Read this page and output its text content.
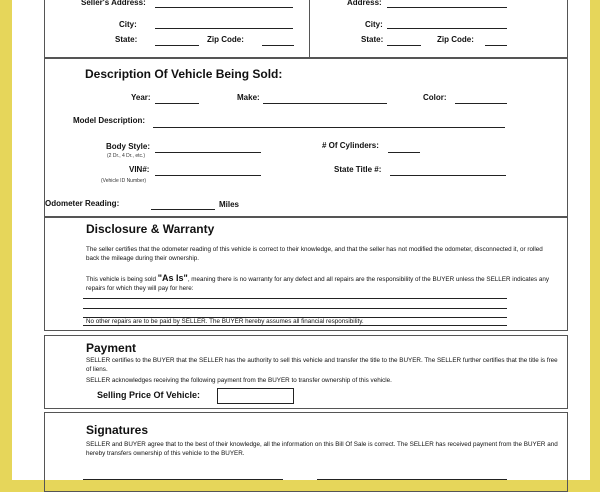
Seller's Address:
City:
State:	Zip Code:
Address:
City:
State:	Zip Code:
Description Of Vehicle Being Sold:
Year:	Make:	Color:
Model Description:
Body Style:
(2 Dr., 4 Dr., etc.)
# Of Cylinders:
VIN#:
(Vehicle ID Number)
State Title #:
Odometer Reading:	Miles
Disclosure & Warranty
The seller certifies that the odometer reading of this vehicle is correct to their knowledge, and that the seller has not modified the odometer, disconnected it, or rolled back the mileage during their ownership.
This vehicle is being sold "As Is", meaning there is no warranty for any defect and all repairs are the responsibility of the BUYER unless the SELLER indicates any repairs for which they will pay for here:
No other repairs are to be paid by SELLER. The BUYER hereby assumes all financial responsibility.
Payment
SELLER certifies to the BUYER that the SELLER has the authority to sell this vehicle and transfer the title to the BUYER. The SELLER further certifies that the title is free of liens.
SELLER acknowledges receiving the following payment from the BUYER to transfer ownership of this vehicle.
Selling Price Of Vehicle:
Signatures
SELLER and BUYER agree that to the best of their knowledge, all the information on this Bill Of Sale is correct. The SELLER has received payment from the BUYER and hereby transfers ownership of this vehicle to the BUYER.
